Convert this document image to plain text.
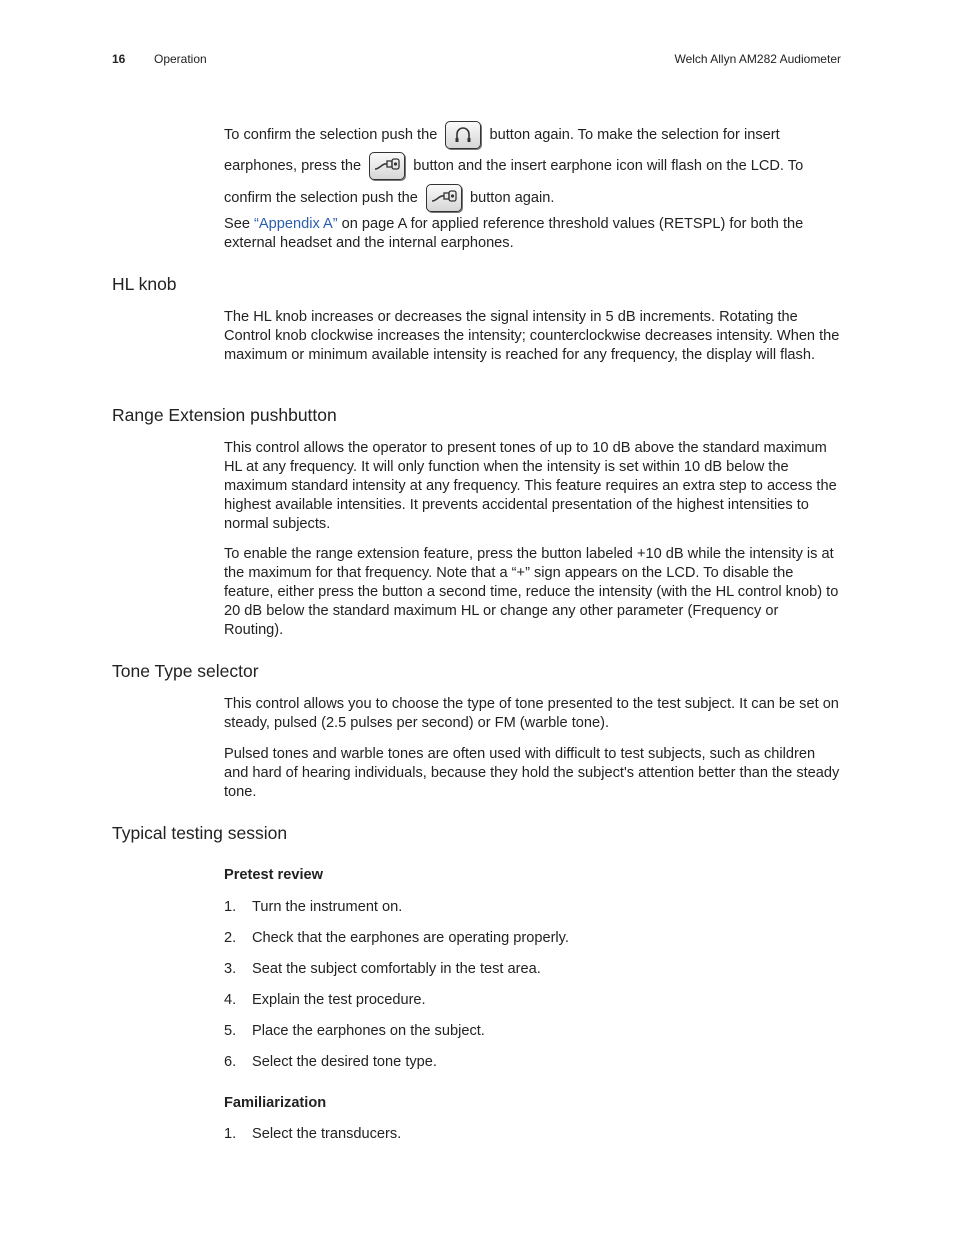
16 Operation	Welch Allyn AM282 Audiometer
To confirm the selection push the	button again. To make the selection for insert
earphones, press the	button and the insert earphone icon will flash on the LCD. To
confirm the selection push the	button again.

See “Appendix A” on page A for applied reference threshold values (RETSPL) for both the external headset and the internal earphones.

HL knob

The HL knob increases or decreases the signal intensity in 5 dB increments. Rotating the Control knob clockwise increases the intensity; counterclockwise decreases intensity. When the maximum or minimum available intensity is reached for any frequency, the display will flash.

Range Extension pushbutton

This control allows the operator to present tones of up to 10 dB above the standard maximum HL at any frequency. It will only function when the intensity is set within 10 dB below the maximum standard intensity at any frequency. This feature requires an extra step to access the highest available intensities. It prevents accidental presentation of the highest intensities to normal subjects.

To enable the range extension feature, press the button labeled +10 dB while the intensity is at the maximum for that frequency. Note that a “+” sign appears on the LCD. To disable the feature, either press the button a second time, reduce the intensity (with the HL control knob) to 20 dB below the standard maximum HL or change any other parameter (Frequency or Routing).

Tone Type selector

This control allows you to choose the type of tone presented to the test subject. It can be set on steady, pulsed (2.5 pulses per second) or FM (warble tone).

Pulsed tones and warble tones are often used with difficult to test subjects, such as children and hard of hearing individuals, because they hold the subject's attention better than the steady tone.

Typical testing session
Pretest review
1. Turn the instrument on.
2. Check that the earphones are operating properly.
3. Seat the subject comfortably in the test area.
4. Explain the test procedure.
5. Place the earphones on the subject.
6. Select the desired tone type.
Familiarization
1. Select the transducers.
